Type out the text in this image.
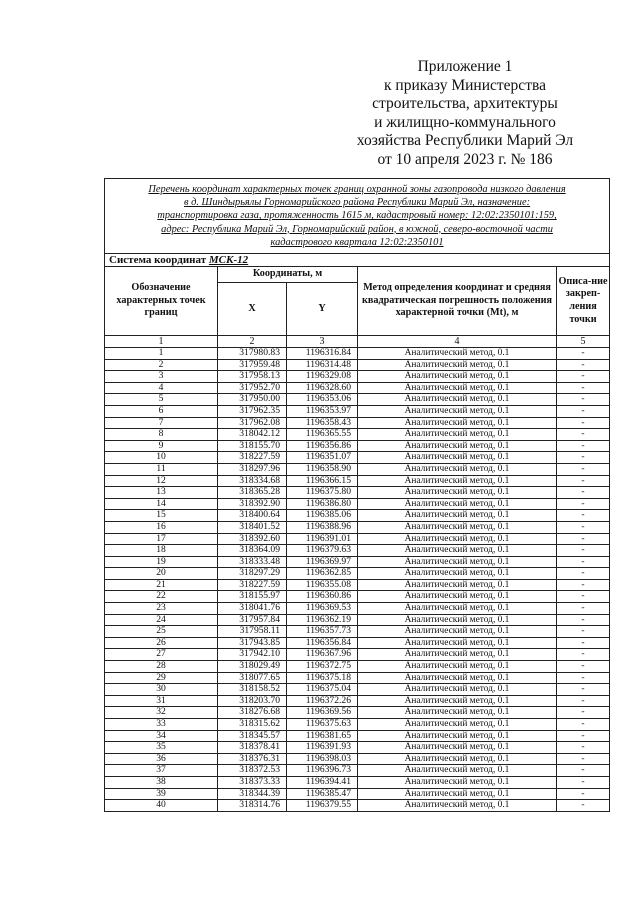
Приложение 1
к приказу Министерства
строительства, архитектуры
и жилищно-коммунального
хозяйства Республики Марий Эл
от 10 апреля 2023 г. № 186
Перечень координат характерных точек границ охранной зоны газопровода низкого давления
в д. Шиндырьялы Горномарийского района Республики Марий Эл, назначение:
транспортировка газа, протяженность 1615 м, кадастровый номер: 12:02:2350101:159,
адрес: Республика Марий Эл, Горномарийский район, в южной, северо-восточной части
кадастрового квартала 12:02:2350101				

Система координат МСК-12				
Обозначение характерных точек границ	Координаты, м		Метод определения координат и средняя квадратическая погрешность положения характерной точки (Mt), м	Описа-ние закреп-ления точки
	X	Y		
1	2	3	4	5
1	317980.83	1196316.84	Аналитический метод, 0.1	-
2	317959.48	1196314.48	Аналитический метод, 0.1	-
3	317958.13	1196329.08	Аналитический метод, 0.1	-
4	317952.70	1196328.60	Аналитический метод, 0.1	-
5	317950.00	1196353.06	Аналитический метод, 0.1	-
6	317962.35	1196353.97	Аналитический метод, 0.1	-
7	317962.08	1196358.43	Аналитический метод, 0.1	-
8	318042.12	1196365.55	Аналитический метод, 0.1	-
9	318155.70	1196356.86	Аналитический метод, 0.1	-
10	318227.59	1196351.07	Аналитический метод, 0.1	-
11	318297.96	1196358.90	Аналитический метод, 0.1	-
12	318334.68	1196366.15	Аналитический метод, 0.1	-
13	318365.28	1196375.80	Аналитический метод, 0.1	-
14	318392.90	1196386.80	Аналитический метод, 0.1	-
15	318400.64	1196385.06	Аналитический метод, 0.1	-
16	318401.52	1196388.96	Аналитический метод, 0.1	-
17	318392.60	1196391.01	Аналитический метод, 0.1	-
18	318364.09	1196379.63	Аналитический метод, 0.1	-
19	318333.48	1196369.97	Аналитический метод, 0.1	-
20	318297.29	1196362.85	Аналитический метод, 0.1	-
21	318227.59	1196355.08	Аналитический метод, 0.1	-
22	318155.97	1196360.86	Аналитический метод, 0.1	-
23	318041.76	1196369.53	Аналитический метод, 0.1	-
24	317957.84	1196362.19	Аналитический метод, 0.1	-
25	317958.11	1196357.73	Аналитический метод, 0.1	-
26	317943.85	1196356.84	Аналитический метод, 0.1	-
27	317942.10	1196367.96	Аналитический метод, 0.1	-
28	318029.49	1196372.75	Аналитический метод, 0.1	-
29	318077.65	1196375.18	Аналитический метод, 0.1	-
30	318158.52	1196375.04	Аналитический метод, 0.1	-
31	318203.70	1196372.26	Аналитический метод, 0.1	-
32	318276.68	1196369.56	Аналитический метод, 0.1	-
33	318315.62	1196375.63	Аналитический метод, 0.1	-
34	318345.57	1196381.65	Аналитический метод, 0.1	-
35	318378.41	1196391.93	Аналитический метод, 0.1	-
36	318376.31	1196398.03	Аналитический метод, 0.1	-
37	318372.53	1196396.73	Аналитический метод, 0.1	-
38	318373.33	1196394.41	Аналитический метод, 0.1	-
39	318344.39	1196385.47	Аналитический метод, 0.1	-
40	318314.76	1196379.55	Аналитический метод, 0.1	-
